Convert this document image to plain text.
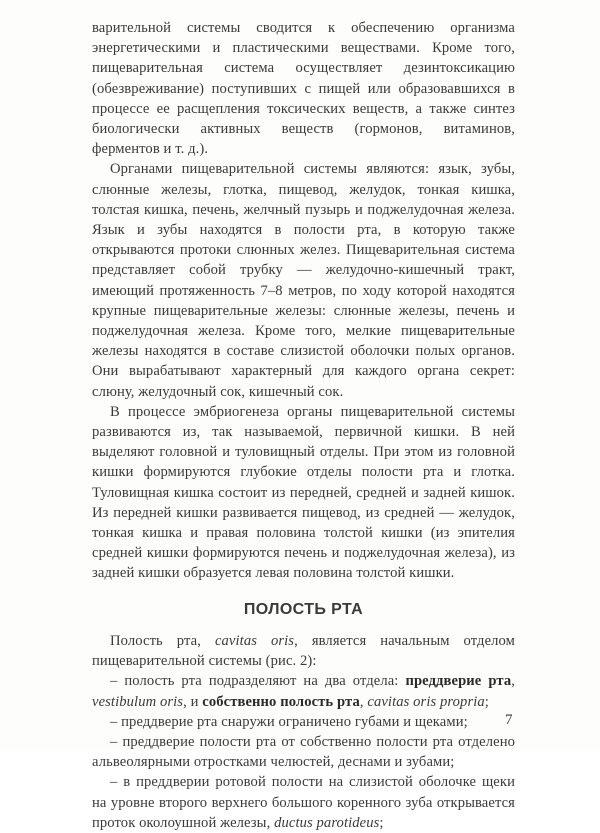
варительной системы сводится к обеспечению организма энергетическими и пластическими веществами. Кроме того, пищеварительная система осуществляет дезинтоксикацию (обезвреживание) поступивших с пищей или образовавшихся в процессе ее расщепления токсических веществ, а также синтез биологически активных веществ (гормонов, витаминов, ферментов и т. д.).

Органами пищеварительной системы являются: язык, зубы, слюнные железы, глотка, пищевод, желудок, тонкая кишка, толстая кишка, печень, желчный пузырь и поджелудочная железа. Язык и зубы находятся в полости рта, в которую также открываются протоки слюнных желез. Пищеварительная система представляет собой трубку — желудочно-кишечный тракт, имеющий протяженность 7–8 метров, по ходу которой находятся крупные пищеварительные железы: слюнные железы, печень и поджелудочная железа. Кроме того, мелкие пищеварительные железы находятся в составе слизистой оболочки полых органов. Они вырабатывают характерный для каждого органа секрет: слюну, желудочный сок, кишечный сок.

В процессе эмбриогенеза органы пищеварительной системы развиваются из, так называемой, первичной кишки. В ней выделяют головной и туловищный отделы. При этом из головной кишки формируются глубокие отделы полости рта и глотка. Туловищная кишка состоит из передней, средней и задней кишок. Из передней кишки развивается пищевод, из средней — желудок, тонкая кишка и правая половина толстой кишки (из эпителия средней кишки формируются печень и поджелудочная железа), из задней кишки образуется левая половина толстой кишки.

ПОЛОСТЬ РТА

Полость рта, cavitas oris, является начальным отделом пищеварительной системы (рис. 2):

– полость рта подразделяют на два отдела: преддверие рта, vestibulum oris, и собственно полость рта, cavitas oris propria;

– преддверие рта снаружи ограничено губами и щеками;

– преддверие полости рта от собственно полости рта отделено альвеолярными отростками челюстей, деснами и зубами;

– в преддверии ротовой полости на слизистой оболочке щеки на уровне второго верхнего большого коренного зуба открывается проток околоушной железы, ductus parotideus;

7
